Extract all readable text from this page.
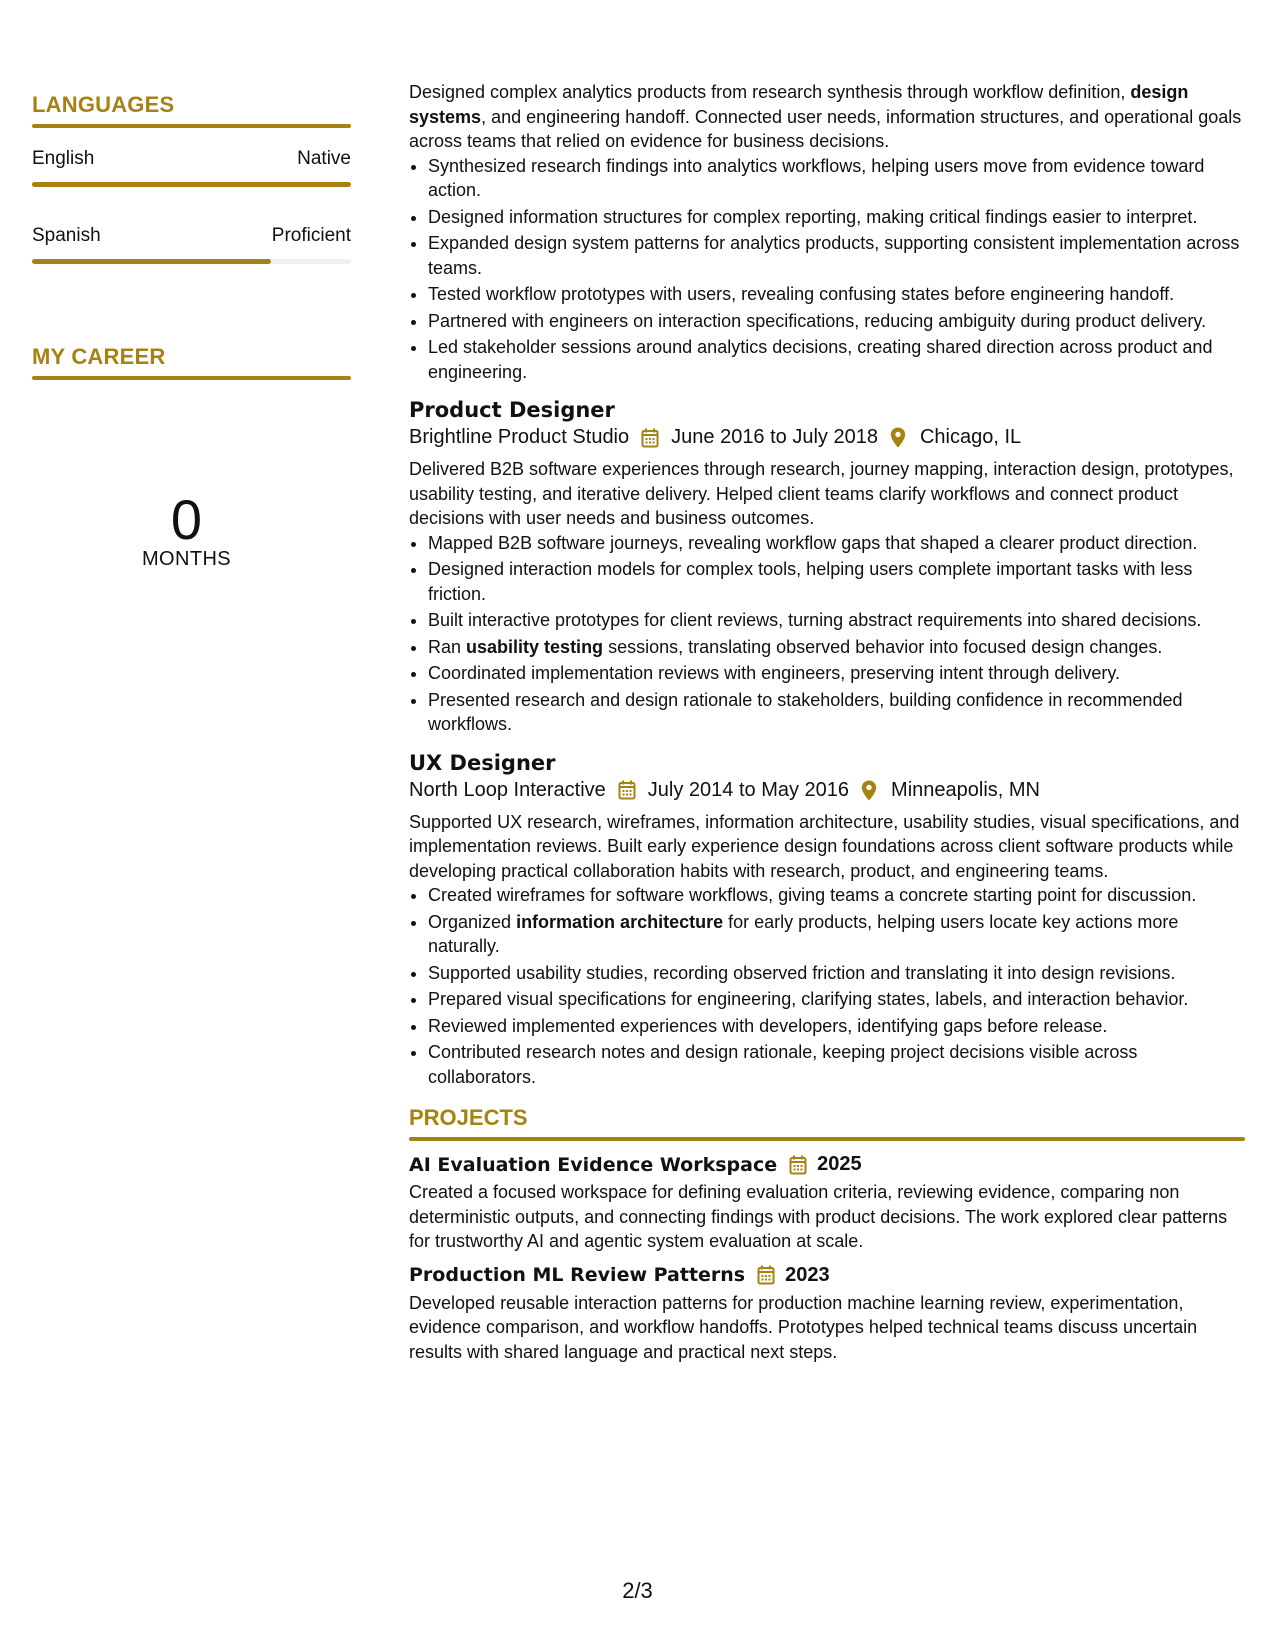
LANGUAGES
English	Native
Spanish	Proficient
MY CAREER
0
MONTHS

Designed complex analytics products from research synthesis through workflow definition, design systems, and engineering handoff. Connected user needs, information structures, and operational goals across teams that relied on evidence for business decisions.

• Synthesized research findings into analytics workflows, helping users move from evidence toward action.
• Designed information structures for complex reporting, making critical findings easier to interpret.
• Expanded design system patterns for analytics products, supporting consistent implementation across teams.
• Tested workflow prototypes with users, revealing confusing states before engineering handoff.
• Partnered with engineers on interaction specifications, reducing ambiguity during product delivery.
• Led stakeholder sessions around analytics decisions, creating shared direction across product and engineering.
Product Designer
Brightline Product Studio June 2016 to July 2018 Chicago, IL

Delivered B2B software experiences through research, journey mapping, interaction design, prototypes, usability testing, and iterative delivery. Helped client teams clarify workflows and connect product decisions with user needs and business outcomes.

• Mapped B2B software journeys, revealing workflow gaps that shaped a clearer product direction.
• Designed interaction models for complex tools, helping users complete important tasks with less friction.
• Built interactive prototypes for client reviews, turning abstract requirements into shared decisions.
• Ran usability testing sessions, translating observed behavior into focused design changes.
• Coordinated implementation reviews with engineers, preserving intent through delivery.
• Presented research and design rationale to stakeholders, building confidence in recommended workflows.
UX Designer
North Loop Interactive July 2014 to May 2016 Minneapolis, MN

Supported UX research, wireframes, information architecture, usability studies, visual specifications, and implementation reviews. Built early experience design foundations across client software products while developing practical collaboration habits with research, product, and engineering teams.

• Created wireframes for software workflows, giving teams a concrete starting point for discussion.
• Organized information architecture for early products, helping users locate key actions more naturally.
• Supported usability studies, recording observed friction and translating it into design revisions.
• Prepared visual specifications for engineering, clarifying states, labels, and interaction behavior.
• Reviewed implemented experiences with developers, identifying gaps before release.
• Contributed research notes and design rationale, keeping project decisions visible across collaborators.
PROJECTS
AI Evaluation Evidence Workspace 2025

Created a focused workspace for defining evaluation criteria, reviewing evidence, comparing non deterministic outputs, and connecting findings with product decisions. The work explored clear patterns for trustworthy AI and agentic system evaluation at scale.

Production ML Review Patterns 2023

Developed reusable interaction patterns for production machine learning review, experimentation, evidence comparison, and workflow handoffs. Prototypes helped technical teams discuss uncertain results with shared language and practical next steps.

2/3
